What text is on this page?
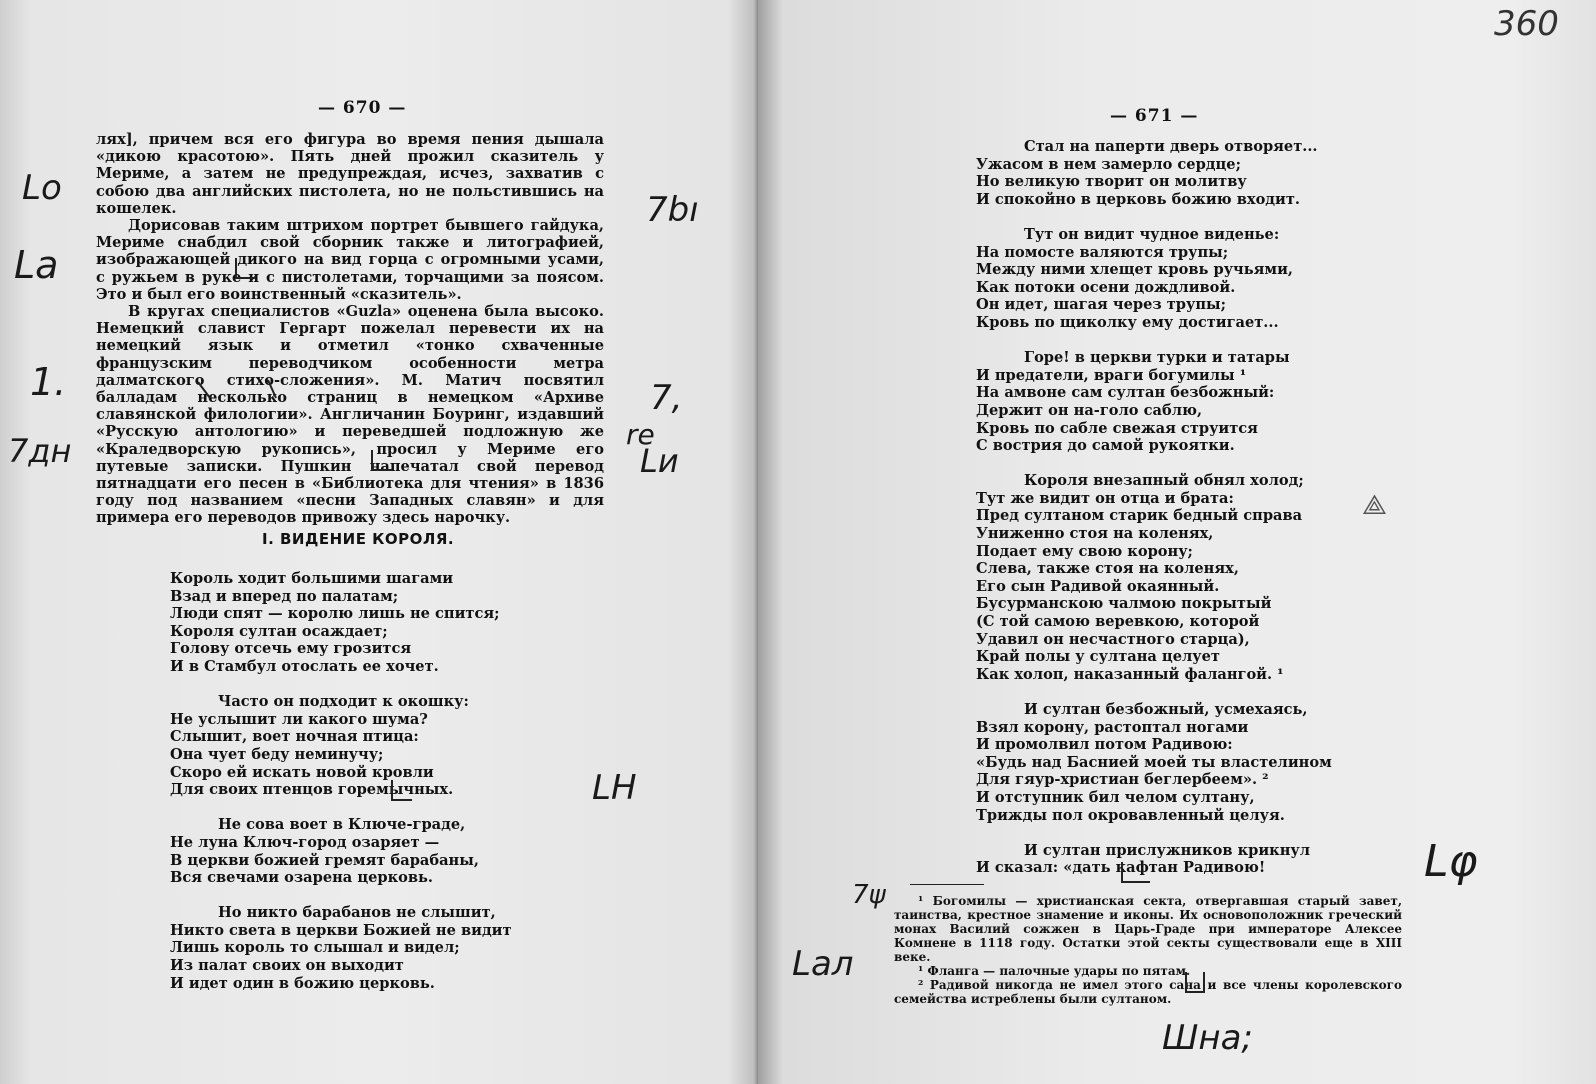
— 670 —

лях], причем вся его фигура во время пения дышала «дикою красотою». Пять дней прожил сказитель у Мериме, а затем не предупреждая, исчез, захватив с собою два английских пистолета, но не польстившись на кошелек.

Дорисовав таким штрихом портрет бывшего гайдука, Мериме снабдил свой сборник также и литографией, изображающей дикого на вид горца с огромными усами, с ружьем в руке и с пистолетами, торчащими за поясом. Это и был его воинственный «сказитель».

В кругах специалистов «Guzla» оценена была высоко. Немецкий славист Гергарт пожелал перевести их на немецкий язык и отметил «тонко схваченные французским переводчиком особенности метра далматского стихо-сложения». М. Матич посвятил балладам несколько страниц в немецком «Архиве славянской филологии». Англичанин Боуринг, издавший «Русскую антологию» и переведшей подложную же «Краледворскую рукопись», просил у Мериме его путевые записки. Пушкин напечатал свой перевод пятнадцати его песен в «Библиотека для чтения» в 1836 году под названием «песни Западных славян» и для примера его переводов привожу здесь нарочку.

I. ВИДЕНИЕ КОРОЛЯ.
Король ходит большими шагами
Взад и вперед по палатам;
Люди спят — королю лишь не спится;
Короля султан осаждает;
Голову отсечь ему грозится
И в Стамбул отослать ее хочет.
Часто он подходит к окошку:
Не услышит ли какого шума?
Слышит, воет ночная птица:
Она чует беду неминучу;
Скоро ей искать новой кровли
Для своих птенцов горемычных.
Не сова воет в Ключе-граде,
Не луна Ключ-город озаряет —
В церкви божией гремят барабаны,
Вся свечами озарена церковь.
Но никто барабанов не слышит,
Никто света в церкви Божией не видит
Лишь король то слышал и видел;
Из палат своих он выходит
И идет один в божию церковь.
Lo
La
1.
7дн
7bı
7,
re
Lи
LH
— 671 —
Стал на паперти дверь отворяет...
Ужасом в нем замерло сердце;
Но великую творит он молитву
И спокойно в церковь божию входит.
Тут он видит чудное виденье:
На помосте валяются трупы;
Между ними хлещет кровь ручьями,
Как потоки осени дождливой.
Он идет, шагая через трупы;
Кровь по щиколку ему достигает...
Горе! в церкви турки и татары
И предатели, враги богумилы ¹
На амвоне сам султан безбожный:
Держит он на-голо саблю,
Кровь по сабле свежая струится
С вострия до самой рукоятки.
Короля внезапный обнял холод;
Тут же видит он отца и брата:
Пред султаном старик бедный справа
Униженно стоя на коленях,
Подает ему свою корону;
Слева, также стоя на коленях,
Его сын Радивой окаянный.
Бусурманскою чалмою покрытый
(С той самою веревкою, которой
Удавил он несчастного старца),
Край полы у султана целует
Как холоп, наказанный фалангой. ¹
И султан безбожный, усмехаясь,
Взял корону, растоптал ногами
И промолвил потом Радивою:
«Будь над Баснией моей ты властелином
Для гяур-христиан беглербеем». ²
И отступник бил челом султану,
Трижды пол окровавленный целуя.
И султан прислужников крикнул
И сказал: «дать кафтан Радивою!

¹ Богомилы — христианская секта, отвергавшая старый завет, таинства, крестное знамение и иконы. Их основоположник греческий монах Василий сожжен в Царь-Граде при императоре Алексее Комнене в 1118 году. Остатки этой секты существовали еще в XIII веке.

¹ Фланга — палочные удары по пятам.

² Радивой никогда не имел этого сана и все члены королевского семейства истреблены были султаном.

360
Lφ
7ψ
Lал
Шна;
⟁
